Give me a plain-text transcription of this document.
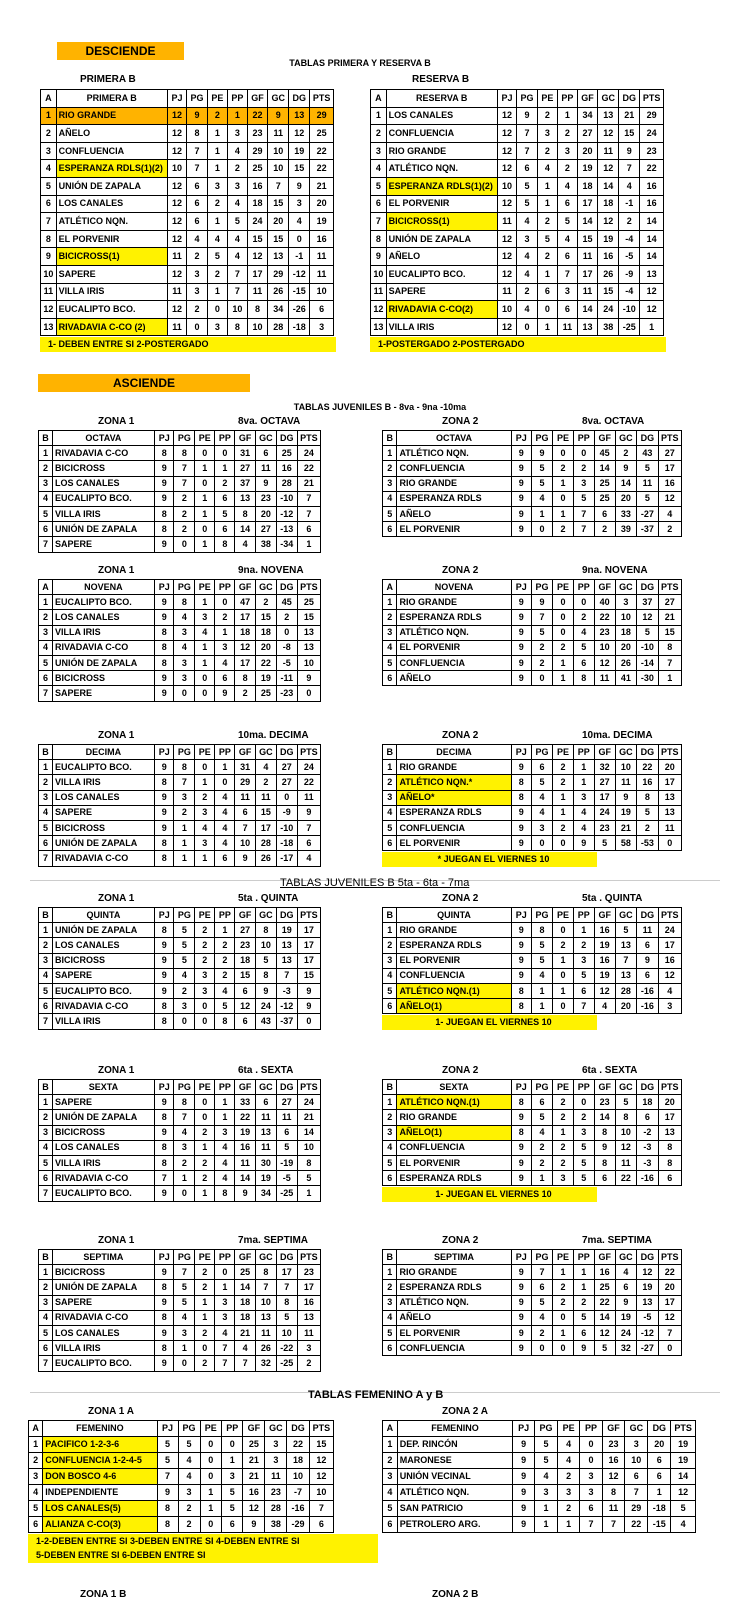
DESCIENDE
TABLAS PRIMERA Y RESERVA B
PRIMERA B	RESERVA B
ASCIENDE
TABLAS JUVENILES B - 8va - 9na -10ma
TABLAS JUVENILES B 5ta - 6ta - 7ma
TABLAS FEMENINO A y B
ZONA 1 B	ZONA 2 B
A	PRIMERA B	PJ	PG	PE	PP	GF	GC	DG	PTS
1	RIO GRANDE	12	9	2	1	22	9	13	29
2	AÑELO	12	8	1	3	23	11	12	25
3	CONFLUENCIA	12	7	1	4	29	10	19	22
4	ESPERANZA RDLS(1)(2)	10	7	1	2	25	10	15	22
5	UNIÓN DE ZAPALA	12	6	3	3	16	7	9	21
6	LOS CANALES	12	6	2	4	18	15	3	20
7	ATLÉTICO NQN.	12	6	1	5	24	20	4	19
8	EL PORVENIR	12	4	4	4	15	15	0	16
9	BICICROSS(1)	11	2	5	4	12	13	-1	11
10	SAPERE	12	3	2	7	17	29	-12	11
11	VILLA IRIS	11	3	1	7	11	26	-15	10
12	EUCALIPTO BCO.	12	2	0	10	8	34	-26	6
13	RIVADAVIA C-CO (2)	11	0	3	8	10	28	-18	3
1- DEBEN ENTRE SI 2-POSTERGADO
A	RESERVA B	PJ	PG	PE	PP	GF	GC	DG	PTS
1	LOS CANALES	12	9	2	1	34	13	21	29
2	CONFLUENCIA	12	7	3	2	27	12	15	24
3	RIO GRANDE	12	7	2	3	20	11	9	23
4	ATLÉTICO NQN.	12	6	4	2	19	12	7	22
5	ESPERANZA RDLS(1)(2)	10	5	1	4	18	14	4	16
6	EL PORVENIR	12	5	1	6	17	18	-1	16
7	BICICROSS(1)	11	4	2	5	14	12	2	14
8	UNIÓN DE ZAPALA	12	3	5	4	15	19	-4	14
9	AÑELO	12	4	2	6	11	16	-5	14
10	EUCALIPTO BCO.	12	4	1	7	17	26	-9	13
11	SAPERE	11	2	6	3	11	15	-4	12
12	RIVADAVIA C-CO(2)	10	4	0	6	14	24	-10	12
13	VILLA IRIS	12	0	1	11	13	38	-25	1
1-POSTERGADO 2-POSTERGADO
ZONA 1	8va. OCTAVA
B	OCTAVA	PJ	PG	PE	PP	GF	GC	DG	PTS
1	RIVADAVIA C-CO	8	8	0	0	31	6	25	24
2	BICICROSS	9	7	1	1	27	11	16	22
3	LOS CANALES	9	7	0	2	37	9	28	21
4	EUCALIPTO BCO.	9	2	1	6	13	23	-10	7
5	VILLA IRIS	8	2	1	5	8	20	-12	7
6	UNIÓN DE ZAPALA	8	2	0	6	14	27	-13	6
7	SAPERE	9	0	1	8	4	38	-34	1
ZONA 2	8va. OCTAVA
B	OCTAVA	PJ	PG	PE	PP	GF	GC	DG	PTS
1	ATLÉTICO NQN.	9	9	0	0	45	2	43	27
2	CONFLUENCIA	9	5	2	2	14	9	5	17
3	RIO GRANDE	9	5	1	3	25	14	11	16
4	ESPERANZA RDLS	9	4	0	5	25	20	5	12
5	AÑELO	9	1	1	7	6	33	-27	4
6	EL PORVENIR	9	0	2	7	2	39	-37	2
ZONA 1	9na. NOVENA
A	NOVENA	PJ	PG	PE	PP	GF	GC	DG	PTS
1	EUCALIPTO BCO.	9	8	1	0	47	2	45	25
2	LOS CANALES	9	4	3	2	17	15	2	15
3	VILLA IRIS	8	3	4	1	18	18	0	13
4	RIVADAVIA C-CO	8	4	1	3	12	20	-8	13
5	UNIÓN DE ZAPALA	8	3	1	4	17	22	-5	10
6	BICICROSS	9	3	0	6	8	19	-11	9
7	SAPERE	9	0	0	9	2	25	-23	0
ZONA 2	9na. NOVENA
A	NOVENA	PJ	PG	PE	PP	GF	GC	DG	PTS
1	RIO GRANDE	9	9	0	0	40	3	37	27
2	ESPERANZA RDLS	9	7	0	2	22	10	12	21
3	ATLÉTICO NQN.	9	5	0	4	23	18	5	15
4	EL PORVENIR	9	2	2	5	10	20	-10	8
5	CONFLUENCIA	9	2	1	6	12	26	-14	7
6	AÑELO	9	0	1	8	11	41	-30	1
ZONA 1	10ma. DECIMA
B	DECIMA	PJ	PG	PE	PP	GF	GC	DG	PTS
1	EUCALIPTO BCO.	9	8	0	1	31	4	27	24
2	VILLA IRIS	8	7	1	0	29	2	27	22
3	LOS CANALES	9	3	2	4	11	11	0	11
4	SAPERE	9	2	3	4	6	15	-9	9
5	BICICROSS	9	1	4	4	7	17	-10	7
6	UNIÓN DE ZAPALA	8	1	3	4	10	28	-18	6
7	RIVADAVIA C-CO	8	1	1	6	9	26	-17	4
ZONA 2	10ma. DECIMA
B	DECIMA	PJ	PG	PE	PP	GF	GC	DG	PTS
1	RIO GRANDE	9	6	2	1	32	10	22	20
2	ATLÉTICO NQN.*	8	5	2	1	27	11	16	17
3	AÑELO*	8	4	1	3	17	9	8	13
4	ESPERANZA RDLS	9	4	1	4	24	19	5	13
5	CONFLUENCIA	9	3	2	4	23	21	2	11
6	EL PORVENIR	9	0	0	9	5	58	-53	0
* JUEGAN EL VIERNES 10
ZONA 1	5ta . QUINTA
B	QUINTA	PJ	PG	PE	PP	GF	GC	DG	PTS
1	UNIÓN DE ZAPALA	8	5	2	1	27	8	19	17
2	LOS CANALES	9	5	2	2	23	10	13	17
3	BICICROSS	9	5	2	2	18	5	13	17
4	SAPERE	9	4	3	2	15	8	7	15
5	EUCALIPTO BCO.	9	2	3	4	6	9	-3	9
6	RIVADAVIA C-CO	8	3	0	5	12	24	-12	9
7	VILLA IRIS	8	0	0	8	6	43	-37	0
ZONA 2	5ta . QUINTA
B	QUINTA	PJ	PG	PE	PP	GF	GC	DG	PTS
1	RIO GRANDE	9	8	0	1	16	5	11	24
2	ESPERANZA RDLS	9	5	2	2	19	13	6	17
3	EL PORVENIR	9	5	1	3	16	7	9	16
4	CONFLUENCIA	9	4	0	5	19	13	6	12
5	ATLÉTICO NQN.(1)	8	1	1	6	12	28	-16	4
6	AÑELO(1)	8	1	0	7	4	20	-16	3
1- JUEGAN EL VIERNES 10
ZONA 1	6ta . SEXTA
B	SEXTA	PJ	PG	PE	PP	GF	GC	DG	PTS
1	SAPERE	9	8	0	1	33	6	27	24
2	UNIÓN DE ZAPALA	8	7	0	1	22	11	11	21
3	BICICROSS	9	4	2	3	19	13	6	14
4	LOS CANALES	8	3	1	4	16	11	5	10
5	VILLA IRIS	8	2	2	4	11	30	-19	8
6	RIVADAVIA C-CO	7	1	2	4	14	19	-5	5
7	EUCALIPTO BCO.	9	0	1	8	9	34	-25	1
ZONA 2	6ta . SEXTA
B	SEXTA	PJ	PG	PE	PP	GF	GC	DG	PTS
1	ATLÉTICO NQN.(1)	8	6	2	0	23	5	18	20
2	RIO GRANDE	9	5	2	2	14	8	6	17
3	AÑELO(1)	8	4	1	3	8	10	-2	13
4	CONFLUENCIA	9	2	2	5	9	12	-3	8
5	EL PORVENIR	9	2	2	5	8	11	-3	8
6	ESPERANZA RDLS	9	1	3	5	6	22	-16	6
1- JUEGAN EL VIERNES 10
ZONA 1	7ma. SEPTIMA
B	SEPTIMA	PJ	PG	PE	PP	GF	GC	DG	PTS
1	BICICROSS	9	7	2	0	25	8	17	23
2	UNIÓN DE ZAPALA	8	5	2	1	14	7	7	17
3	SAPERE	9	5	1	3	18	10	8	16
4	RIVADAVIA C-CO	8	4	1	3	18	13	5	13
5	LOS CANALES	9	3	2	4	21	11	10	11
6	VILLA IRIS	8	1	0	7	4	26	-22	3
7	EUCALIPTO BCO.	9	0	2	7	7	32	-25	2
ZONA 2	7ma. SEPTIMA
B	SEPTIMA	PJ	PG	PE	PP	GF	GC	DG	PTS
1	RIO GRANDE	9	7	1	1	16	4	12	22
2	ESPERANZA RDLS	9	6	2	1	25	6	19	20
3	ATLÉTICO NQN.	9	5	2	2	22	9	13	17
4	AÑELO	9	4	0	5	14	19	-5	12
5	EL PORVENIR	9	2	1	6	12	24	-12	7
6	CONFLUENCIA	9	0	0	9	5	32	-27	0
ZONA 1 A
A	FEMENINO	PJ	PG	PE	PP	GF	GC	DG	PTS
1	PACIFICO 1-2-3-6	5	5	0	0	25	3	22	15
2	CONFLUENCIA 1-2-4-5	5	4	0	1	21	3	18	12
3	DON BOSCO 4-6	7	4	0	3	21	11	10	12
4	INDEPENDIENTE	9	3	1	5	16	23	-7	10
5	LOS CANALES(5)	8	2	1	5	12	28	-16	7
6	ALIANZA C-CO(3)	8	2	0	6	9	38	-29	6
1-2-DEBEN ENTRE SI 3-DEBEN ENTRE SI 4-DEBEN ENTRE SI
5-DEBEN ENTRE SI 6-DEBEN ENTRE SI
ZONA 2 A
A	FEMENINO	PJ	PG	PE	PP	GF	GC	DG	PTS
1	DEP. RINCÓN	9	5	4	0	23	3	20	19
2	MARONESE	9	5	4	0	16	10	6	19
3	UNIÓN VECINAL	9	4	2	3	12	6	6	14
4	ATLÉTICO NQN.	9	3	3	3	8	7	1	12
5	SAN PATRICIO	9	1	2	6	11	29	-18	5
6	PETROLERO ARG.	9	1	1	7	7	22	-15	4
